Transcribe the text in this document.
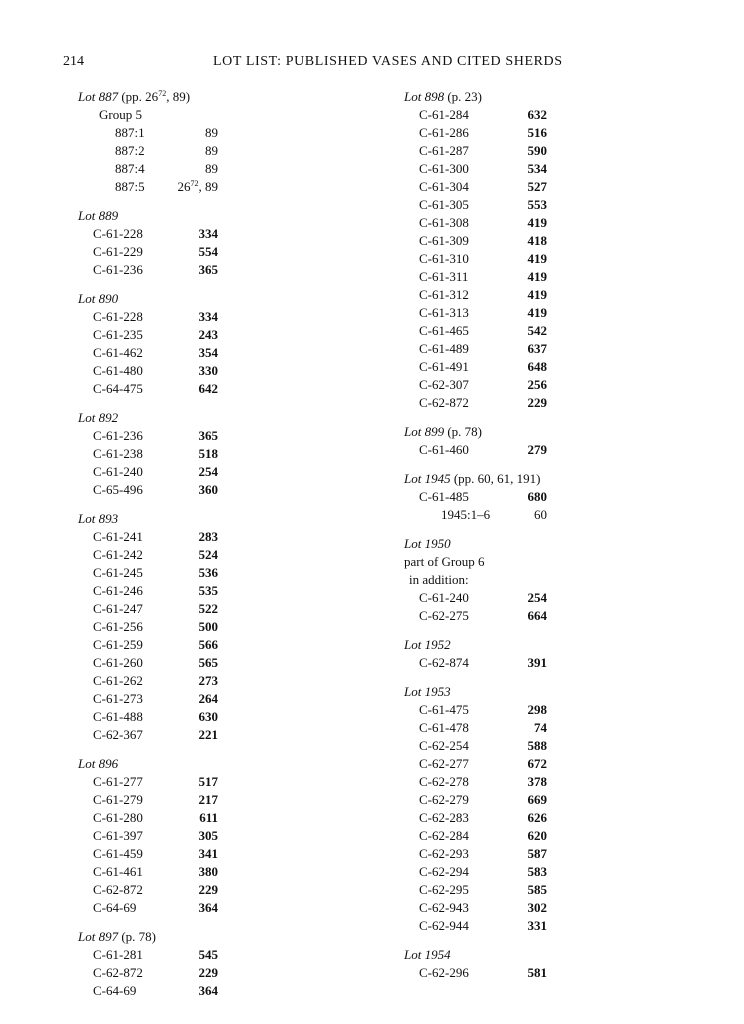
214	LOT LIST: PUBLISHED VASES AND CITED SHERDS
Lot 887 (pp. $26^{72}$, 89)
Group 5
887:1	89
887:2	89
887:4	89
887:5	$26^{72}$, 89
Lot 889
C-61-228	334
C-61-229	554
C-61-236	365
Lot 890
C-61-228	334
C-61-235	243
C-61-462	354
C-61-480	330
C-64-475	642
Lot 892
C-61-236	365
C-61-238	518
C-61-240	254
C-65-496	360
Lot 893
C-61-241	283
C-61-242	524
C-61-245	536
C-61-246	535
C-61-247	522
C-61-256	500
C-61-259	566
C-61-260	565
C-61-262	273
C-61-273	264
C-61-488	630
C-62-367	221
Lot 896
C-61-277	517
C-61-279	217
C-61-280	611
C-61-397	305
C-61-459	341
C-61-461	380
C-62-872	229
C-64-69	364
Lot 897 (p. 78)
C-61-281	545
C-62-872	229
C-64-69	364
Lot 898 (p. 23)
C-61-284	632
C-61-286	516
C-61-287	590
C-61-300	534
C-61-304	527
C-61-305	553
C-61-308	419
C-61-309	418
C-61-310	419
C-61-311	419
C-61-312	419
C-61-313	419
C-61-465	542
C-61-489	637
C-61-491	648
C-62-307	256
C-62-872	229
Lot 899 (p. 78)
C-61-460	279
Lot 1945 (pp. 60, 61, 191)
C-61-485	680
1945:1–6	60
Lot 1950
part of Group 6
in addition:
C-61-240	254
C-62-275	664
Lot 1952
C-62-874	391
Lot 1953
C-61-475	298
C-61-478	74
C-62-254	588
C-62-277	672
C-62-278	378
C-62-279	669
C-62-283	626
C-62-284	620
C-62-293	587
C-62-294	583
C-62-295	585
C-62-943	302
C-62-944	331
Lot 1954
C-62-296	581
